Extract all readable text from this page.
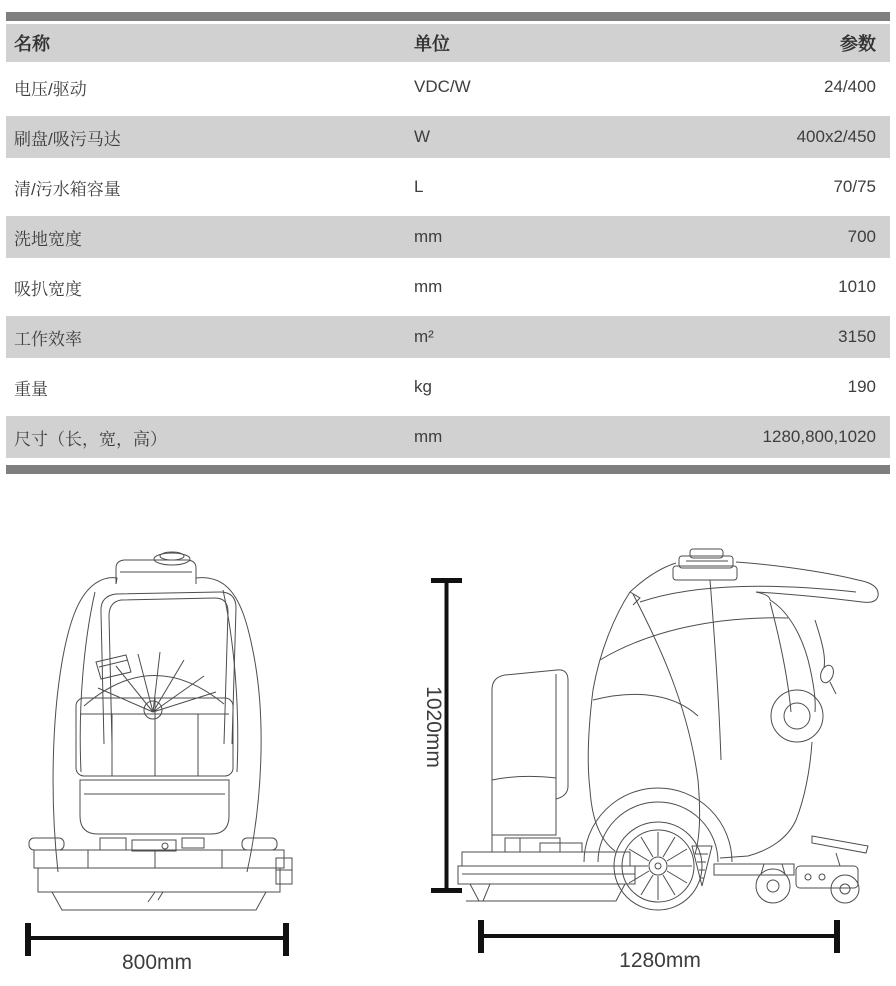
名称	单位	参数
电压/驱动	VDC/W	24/400
刷盘/吸污马达	W	400x2/450
清/污水箱容量	L	70/75
洗地宽度	mm	700
吸扒宽度	mm	1010
工作效率	m²	3150
重量	kg	190
尺寸（长，宽，高）	mm	1280,800,1020
800mm
1020mm
1280mm
